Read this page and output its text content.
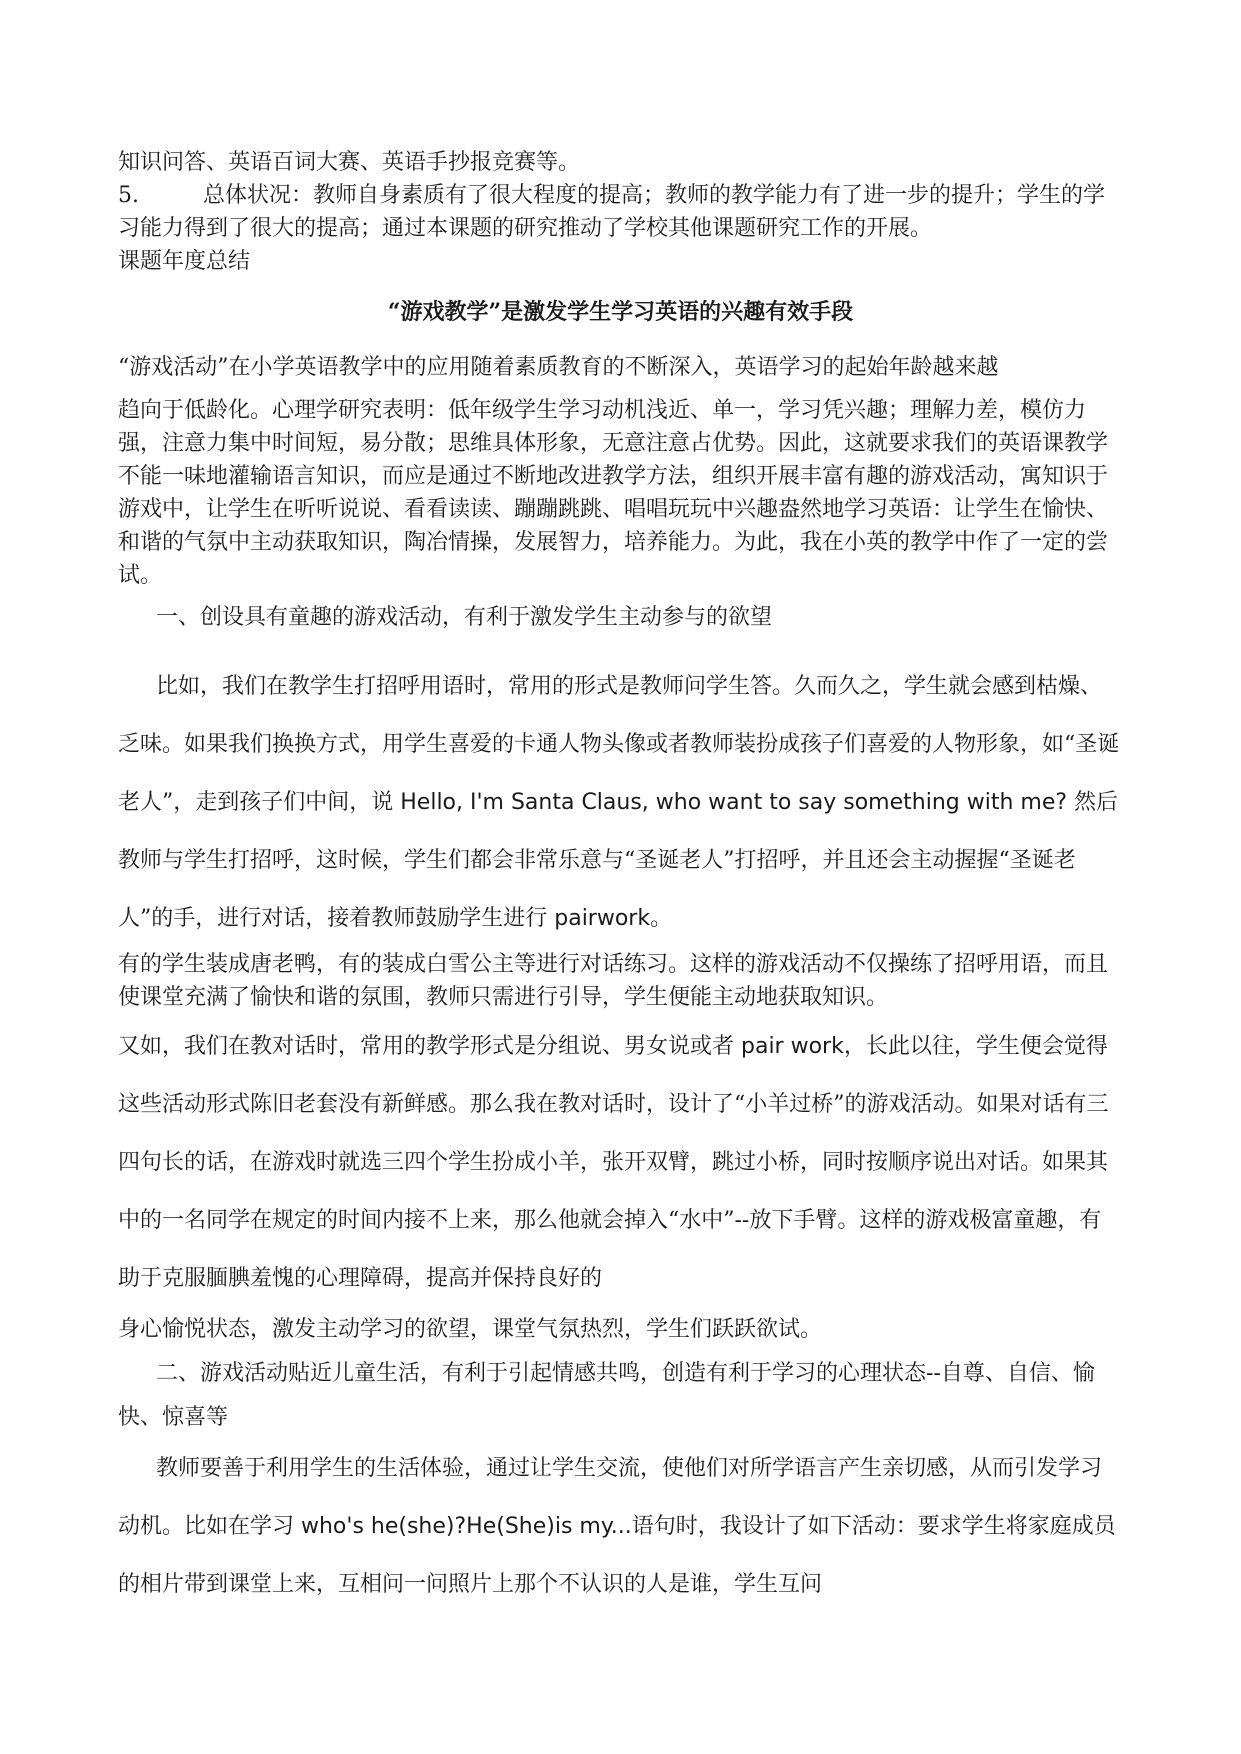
知识问答、英语百词大赛、英语手抄报竞赛等。

5.	总体状况：教师自身素质有了很大程度的提高；教师的教学能力有了进一步的提升；学生的学习能力得到了很大的提高；通过本课题的研究推动了学校其他课题研究工作的开展。

课题年度总结

“游戏教学”是激发学生学习英语的兴趣有效手段

“游戏活动”在小学英语教学中的应用随着素质教育的不断深入，英语学习的起始年龄越来越

趋向于低龄化。心理学研究表明：低年级学生学习动机浅近、单一，学习凭兴趣；理解力差，模仿力强，注意力集中时间短，易分散；思维具体形象，无意注意占优势。因此，这就要求我们的英语课教学不能一味地灌输语言知识，而应是通过不断地改进教学方法，组织开展丰富有趣的游戏活动，寓知识于游戏中，让学生在听听说说、看看读读、蹦蹦跳跳、唱唱玩玩中兴趣盎然地学习英语：让学生在愉快、和谐的气氛中主动获取知识，陶冶情操，发展智力，培养能力。为此，我在小英的教学中作了一定的尝试。

一、创设具有童趣的游戏活动，有利于激发学生主动参与的欲望

比如，我们在教学生打招呼用语时，常用的形式是教师问学生答。久而久之，学生就会感到枯燥、乏味。如果我们换换方式，用学生喜爱的卡通人物头像或者教师装扮成孩子们喜爱的人物形象，如“圣诞老人”，走到孩子们中间，说 Hello, I'm Santa Claus, who want to say something with me? 然后教师与学生打招呼，这时候，学生们都会非常乐意与“圣诞老人”打招呼，并且还会主动握握“圣诞老人”的手，进行对话，接着教师鼓励学生进行 pairwork。

有的学生装成唐老鸭，有的装成白雪公主等进行对话练习。这样的游戏活动不仅操练了招呼用语，而且使课堂充满了愉快和谐的氛围，教师只需进行引导，学生便能主动地获取知识。

又如，我们在教对话时，常用的教学形式是分组说、男女说或者 pair work，长此以往，学生便会觉得这些活动形式陈旧老套没有新鲜感。那么我在教对话时，设计了“小羊过桥”的游戏活动。如果对话有三四句长的话，在游戏时就选三四个学生扮成小羊，张开双臂，跳过小桥，同时按顺序说出对话。如果其中的一名同学在规定的时间内接不上来，那么他就会掉入“水中”--放下手臂。这样的游戏极富童趣，有助于克服腼腆羞愧的心理障碍，提高并保持良好的

身心愉悦状态，激发主动学习的欲望，课堂气氛热烈，学生们跃跃欲试。

二、游戏活动贴近儿童生活，有利于引起情感共鸣，创造有利于学习的心理状态--自尊、自信、愉快、惊喜等

教师要善于利用学生的生活体验，通过让学生交流，使他们对所学语言产生亲切感，从而引发学习动机。比如在学习 who's he(she)?He(She)is my...语句时，我设计了如下活动：要求学生将家庭成员的相片带到课堂上来，互相问一问照片上那个不认识的人是谁，学生互问
